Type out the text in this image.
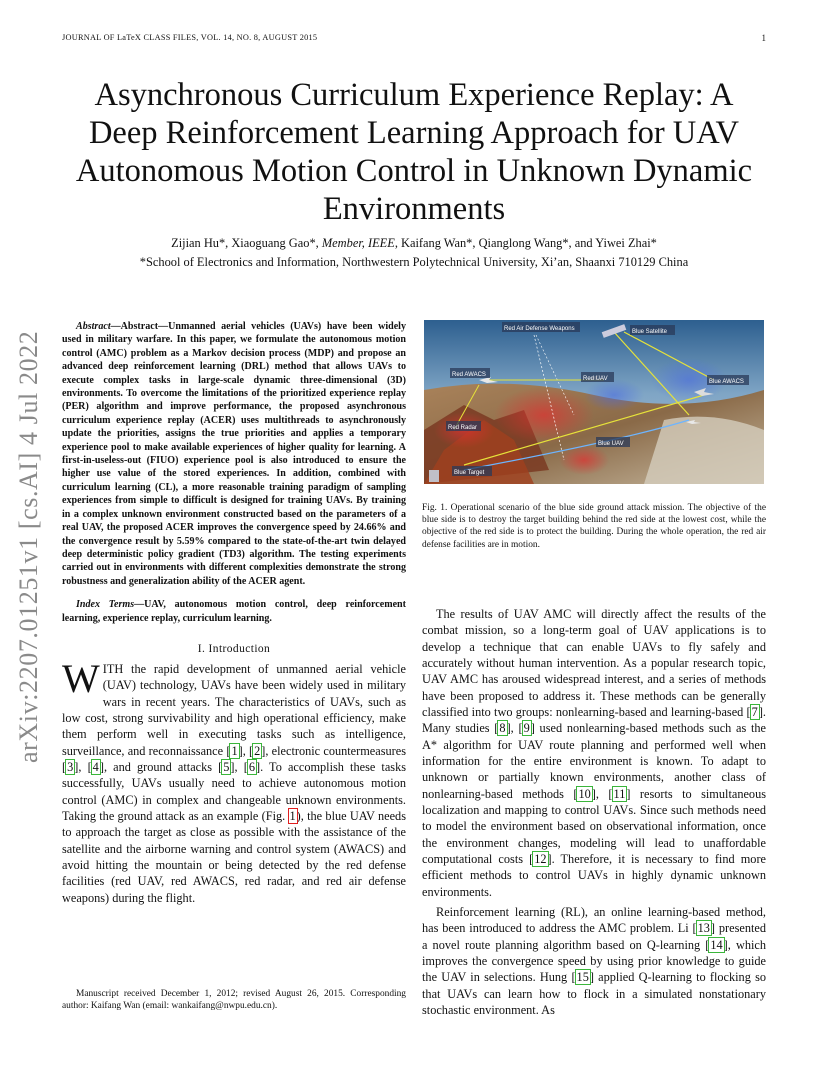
JOURNAL OF LaTeX CLASS FILES, VOL. 14, NO. 8, AUGUST 2015	1
Asynchronous Curriculum Experience Replay: A Deep Reinforcement Learning Approach for UAV Autonomous Motion Control in Unknown Dynamic Environments
Zijian Hu*, Xiaoguang Gao*, Member, IEEE, Kaifang Wan*, Qianglong Wang*, and Yiwei Zhai*
*School of Electronics and Information, Northwestern Polytechnical University, Xi’an, Shaanxi 710129 China
arXiv:2207.01251v1 [cs.AI] 4 Jul 2022

Abstract—Abstract—Unmanned aerial vehicles (UAVs) have been widely used in military warfare. In this paper, we formulate the autonomous motion control (AMC) problem as a Markov decision process (MDP) and propose an advanced deep reinforcement learning (DRL) method that allows UAVs to execute complex tasks in large-scale dynamic three-dimensional (3D) environments. To overcome the limitations of the prioritized experience replay (PER) algorithm and improve performance, the proposed asynchronous curriculum experience replay (ACER) uses multithreads to asynchronously update the priorities, assigns the true priorities and applies a temporary experience pool to make available experiences of higher quality for learning. A first-in-useless-out (FIUO) experience pool is also introduced to ensure the higher use value of the stored experiences. In addition, combined with curriculum learning (CL), a more reasonable training paradigm of sampling experiences from simple to difficult is designed for training UAVs. By training in a complex unknown environment constructed based on the parameters of a real UAV, the proposed ACER improves the convergence speed by 24.66% and the convergence result by 5.59% compared to the state-of-the-art twin delayed deep deterministic policy gradient (TD3) algorithm. The testing experiments carried out in environments with different complexities demonstrate the strong robustness and generalization ability of the ACER agent.

Index Terms—UAV, autonomous motion control, deep reinforcement learning, experience replay, curriculum learning.

I. Introduction

WITH the rapid development of unmanned aerial vehicle (UAV) technology, UAVs have been widely used in military wars in recent years. The characteristics of UAVs, such as low cost, strong survivability and high operational efficiency, make them perform well in executing tasks such as intelligence, surveillance, and reconnaissance [1], [2], electronic countermeasures [3], [4], and ground attacks [5], [6]. To accomplish these tasks successfully, UAVs usually need to achieve autonomous motion control (AMC) in complex and changeable unknown environments. Taking the ground attack as an example (Fig. 1), the blue UAV needs to approach the target as close as possible with the assistance of the satellite and the airborne warning and control system (AWACS) and avoid hitting the mountain or being detected by the red defense facilities (red UAV, red AWACS, red radar, and red air defense weapons) during the flight.

Manuscript received December 1, 2012; revised August 26, 2015. Corresponding author: Kaifang Wan (email: wankaifang@nwpu.edu.cn).

Red Air Defense Weapons	Blue Satellite
Red AWACS
Red UAV	Blue AWACS
Red Radar
Blue UAV
Blue Target

Fig. 1. Operational scenario of the blue side ground attack mission. The objective of the blue side is to destroy the target building behind the red side at the lowest cost, while the objective of the red side is to protect the building. During the whole operation, the red air defense facilities are in motion.

The results of UAV AMC will directly affect the results of the combat mission, so a long-term goal of UAV applications is to develop a technique that can enable UAVs to fly safely and accurately without human intervention. As a popular research topic, UAV AMC has aroused widespread interest, and a series of methods have been proposed to address it. These methods can be generally classified into two groups: nonlearning-based and learning-based [7]. Many studies [8], [9] used nonlearning-based methods such as the A* algorithm for UAV route planning and performed well when information for the entire environment is known. To adapt to unknown or partially known environments, another class of nonlearning-based methods [10], [11] resorts to simultaneous localization and mapping to control UAVs. Since such methods need to model the environment based on observational information, once the environment changes, modeling will lead to unaffordable computational costs [12]. Therefore, it is necessary to find more efficient methods to control UAVs in highly dynamic unknown environments.

Reinforcement learning (RL), an online learning-based method, has been introduced to address the AMC problem. Li [13] presented a novel route planning algorithm based on Q-learning [14], which improves the convergence speed by using prior knowledge to guide the UAV in selections. Hung [15] applied Q-learning to flocking so that UAVs can learn how to flock in a simulated nonstationary stochastic environment. As
